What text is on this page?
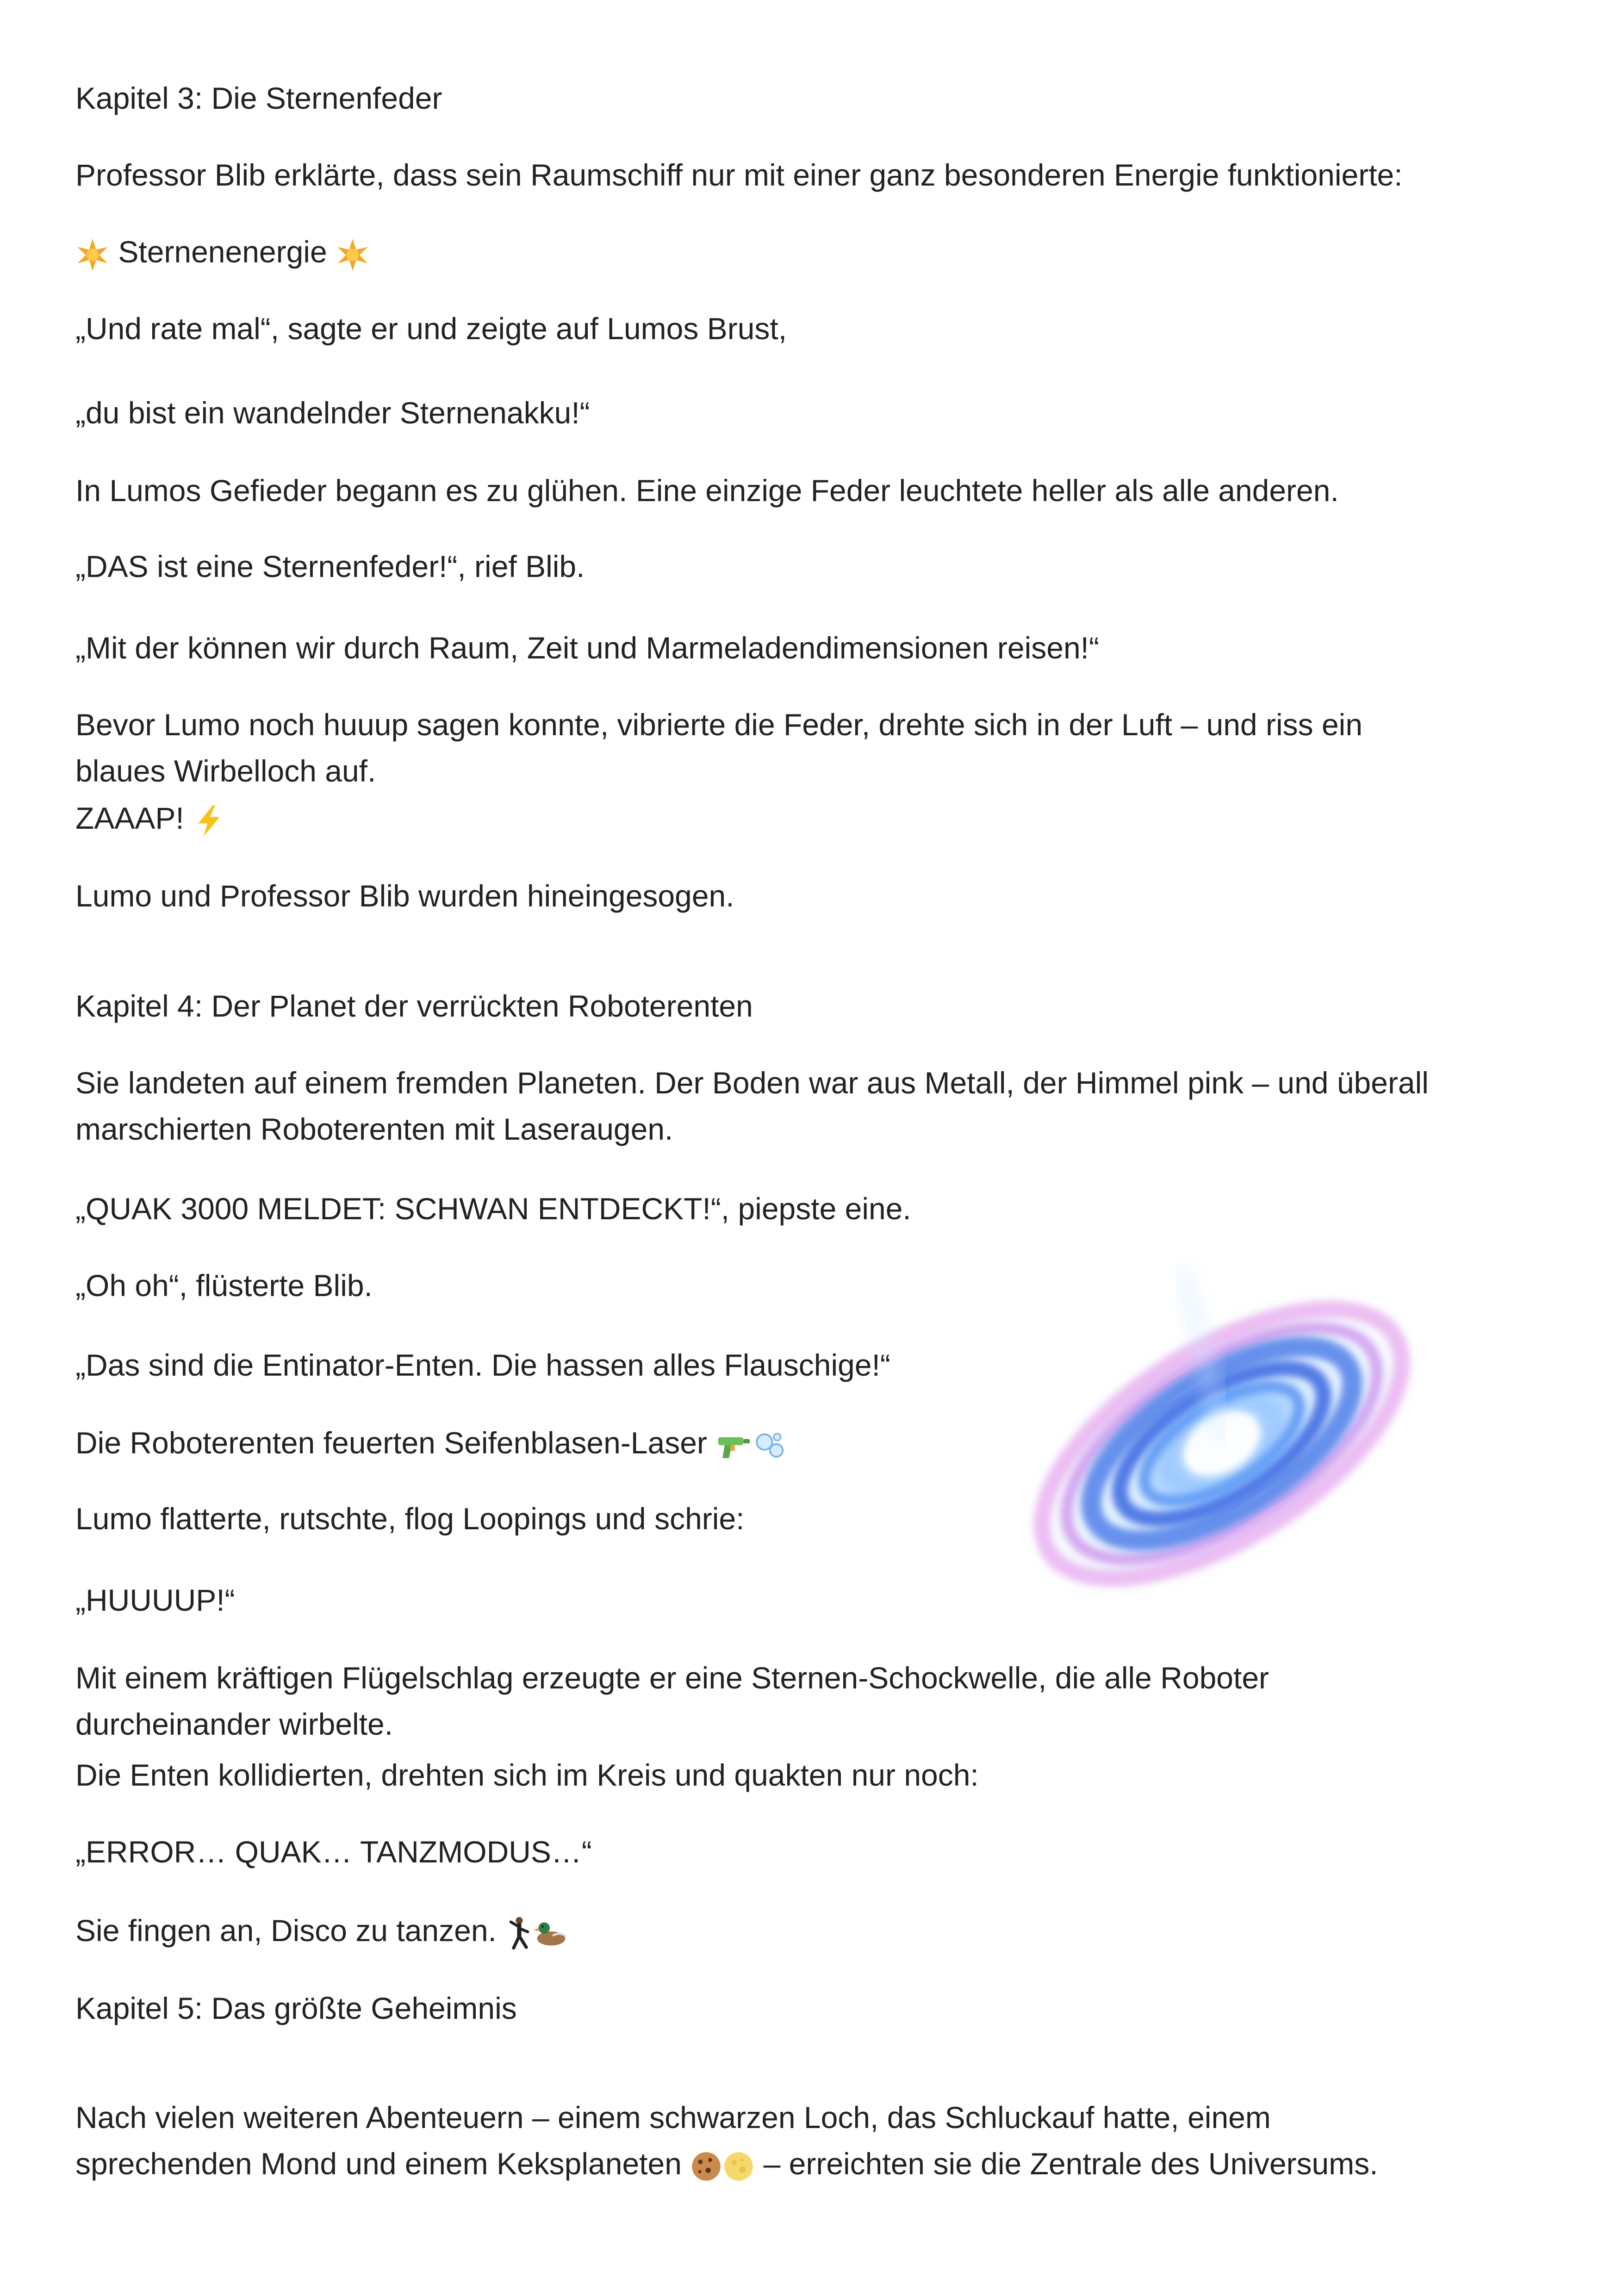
Kapitel 3: Die Sternenfeder

Professor Blib erklärte, dass sein Raumschiff nur mit einer ganz besonderen Energie funktionierte:

Sternenenergie

„Und rate mal“, sagte er und zeigte auf Lumos Brust,

„du bist ein wandelnder Sternenakku!“

In Lumos Gefieder begann es zu glühen. Eine einzige Feder leuchtete heller als alle anderen.

„DAS ist eine Sternenfeder!“, rief Blib.

„Mit der können wir durch Raum, Zeit und Marmeladendimensionen reisen!“

Bevor Lumo noch huuup sagen konnte, vibrierte die Feder, drehte sich in der Luft – und riss ein

blaues Wirbelloch auf.

ZAAAP!

Lumo und Professor Blib wurden hineingesogen.

Kapitel 4: Der Planet der verrückten Roboterenten

Sie landeten auf einem fremden Planeten. Der Boden war aus Metall, der Himmel pink – und überall

marschierten Roboterenten mit Laseraugen.

„QUAK 3000 MELDET: SCHWAN ENTDECKT!“, piepste eine.

„Oh oh“, flüsterte Blib.

„Das sind die Entinator-Enten. Die hassen alles Flauschige!“

Die Roboterenten feuerten Seifenblasen-Laser

Lumo flatterte, rutschte, flog Loopings und schrie:

„HUUUUP!“

Mit einem kräftigen Flügelschlag erzeugte er eine Sternen-Schockwelle, die alle Roboter

durcheinander wirbelte.

Die Enten kollidierten, drehten sich im Kreis und quakten nur noch:

„ERROR… QUAK… TANZMODUS…“

Sie fingen an, Disco zu tanzen.

Kapitel 5: Das größte Geheimnis

Nach vielen weiteren Abenteuern – einem schwarzen Loch, das Schluckauf hatte, einem

sprechenden Mond und einem Keksplaneten	– erreichten sie die Zentrale des Universums.
